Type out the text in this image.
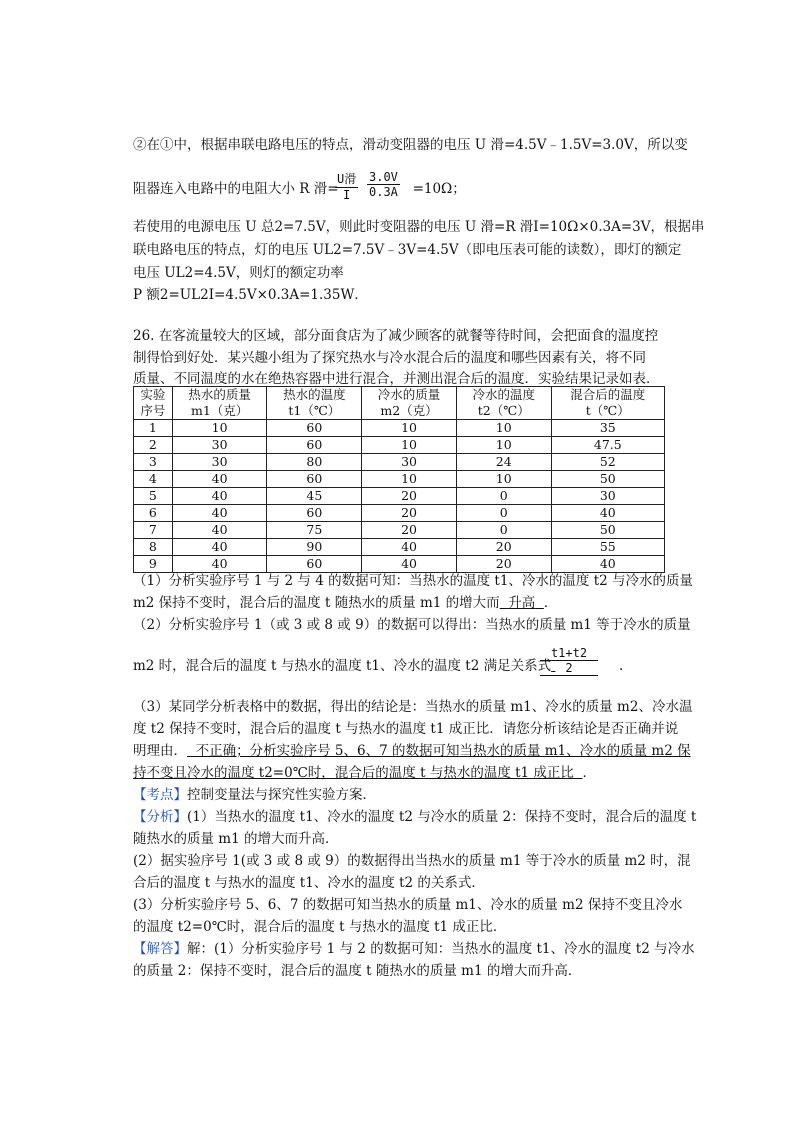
②在①中，根据串联电路电压的特点，滑动变阻器的电压 U 滑=4.5V﹣1.5V=3.0V，所以变
阻器连入电路中的电阻大小 R 滑=	=10Ω；
U滑
I	$\frac{3.0V}{0.3A}$
若使用的电源电压 U 总2=7.5V，则此时变阻器的电压 U 滑=R 滑I=10Ω×0.3A=3V，根据串
联电路电压的特点，灯的电压 UL2=7.5V﹣3V=4.5V（即电压表可能的读数），即灯的额定
电压 UL2=4.5V，则灯的额定功率
P 额2=UL2I=4.5V×0.3A=1.35W．
26. 在客流量较大的区域，部分面食店为了减少顾客的就餐等待时间，会把面食的温度控
制得恰到好处．某兴趣小组为了探究热水与冷水混合后的温度和哪些因素有关，将不同
质量、不同温度的水在绝热容器中进行混合，并测出混合后的温度．实验结果记录如表．
实验
序号	热水的质量
m1（克）	热水的温度
t1（℃）	冷水的质量
m2（克）	冷水的温度
t2（℃）	混合后的温度
t（℃）
1	10	60	10	10	35
2	30	60	10	10	47.5
3	30	80	30	24	52
4	40	60	10	10	50
5	40	45	20	0	30
6	40	60	20	0	40
7	40	75	20	0	50
8	40	90	40	20	55
9	40	60	40	20	40
（1）分析实验序号 1 与 2 与 4 的数据可知：当热水的温度 t1、冷水的温度 t2 与冷水的质量
m2 保持不变时，混合后的温度 t 随热水的质量 m1 的增大而 升高 ．
（2）分析实验序号 1（或 3 或 8 或 9）的数据可以得出：当热水的质量 m1 等于冷水的质量
m2 时，混合后的温度 t 与热水的温度 t1、冷水的温度 t2 满足关系式	．
$\frac{t1+t2}{2}$
（3）某同学分析表格中的数据，得出的结论是：当热水的质量 m1、冷水的质量 m2、冷水温
度 t2 保持不变时，混合后的温度 t 与热水的温度 t1 成正比．请您分析该结论是否正确并说
明理由． 不正确；分析实验序号 5、6、7 的数据可知当热水的质量 m1、冷水的质量 m2 保
持不变且冷水的温度 t2=0℃时，混合后的温度 t 与热水的温度 t1 成正比 ．
【考点】控制变量法与探究性实验方案．
【分析】(1）当热水的温度 t1、冷水的温度 t2 与冷水的质量 2：保持不变时，混合后的温度 t
随热水的质量 m1 的增大而升高．
(2）据实验序号 1(或 3 或 8 或 9）的数据得出当热水的质量 m1 等于冷水的质量 m2 时，混
合后的温度 t 与热水的温度 t1、冷水的温度 t2 的关系式．
(3）分析实验序号 5、6、7 的数据可知当热水的质量 m1、冷水的质量 m2 保持不变且冷水
的温度 t2=0℃时，混合后的温度 t 与热水的温度 t1 成正比．
【解答】解：(1）分析实验序号 1 与 2 的数据可知：当热水的温度 t1、冷水的温度 t2 与冷水
的质量 2：保持不变时，混合后的温度 t 随热水的质量 m1 的增大而升高．
